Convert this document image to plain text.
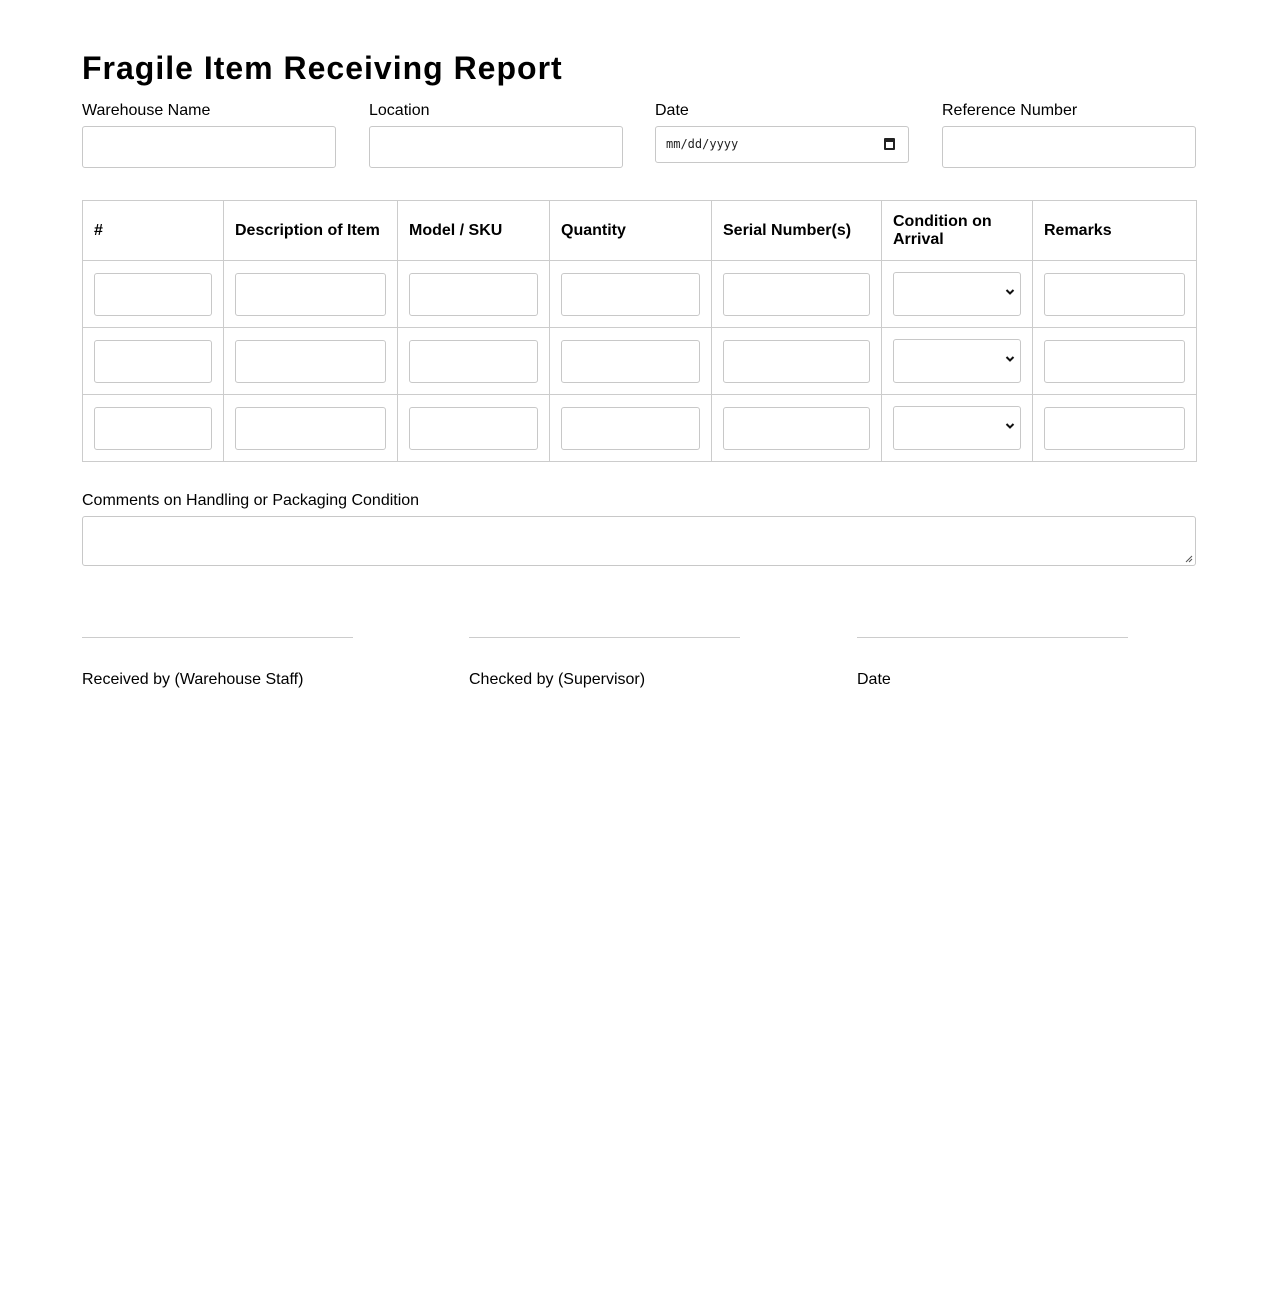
Fragile Item Receiving Report
Warehouse Name	Location	Date
mm/dd/yyyy
Reference Number
#	Description of Item	Model / SKU	Quantity	Serial Number(s)	Condition on Arrival	Remarks

Comments on Handling or Packaging Condition
Received by (Warehouse Staff)	Checked by (Supervisor)	Date
